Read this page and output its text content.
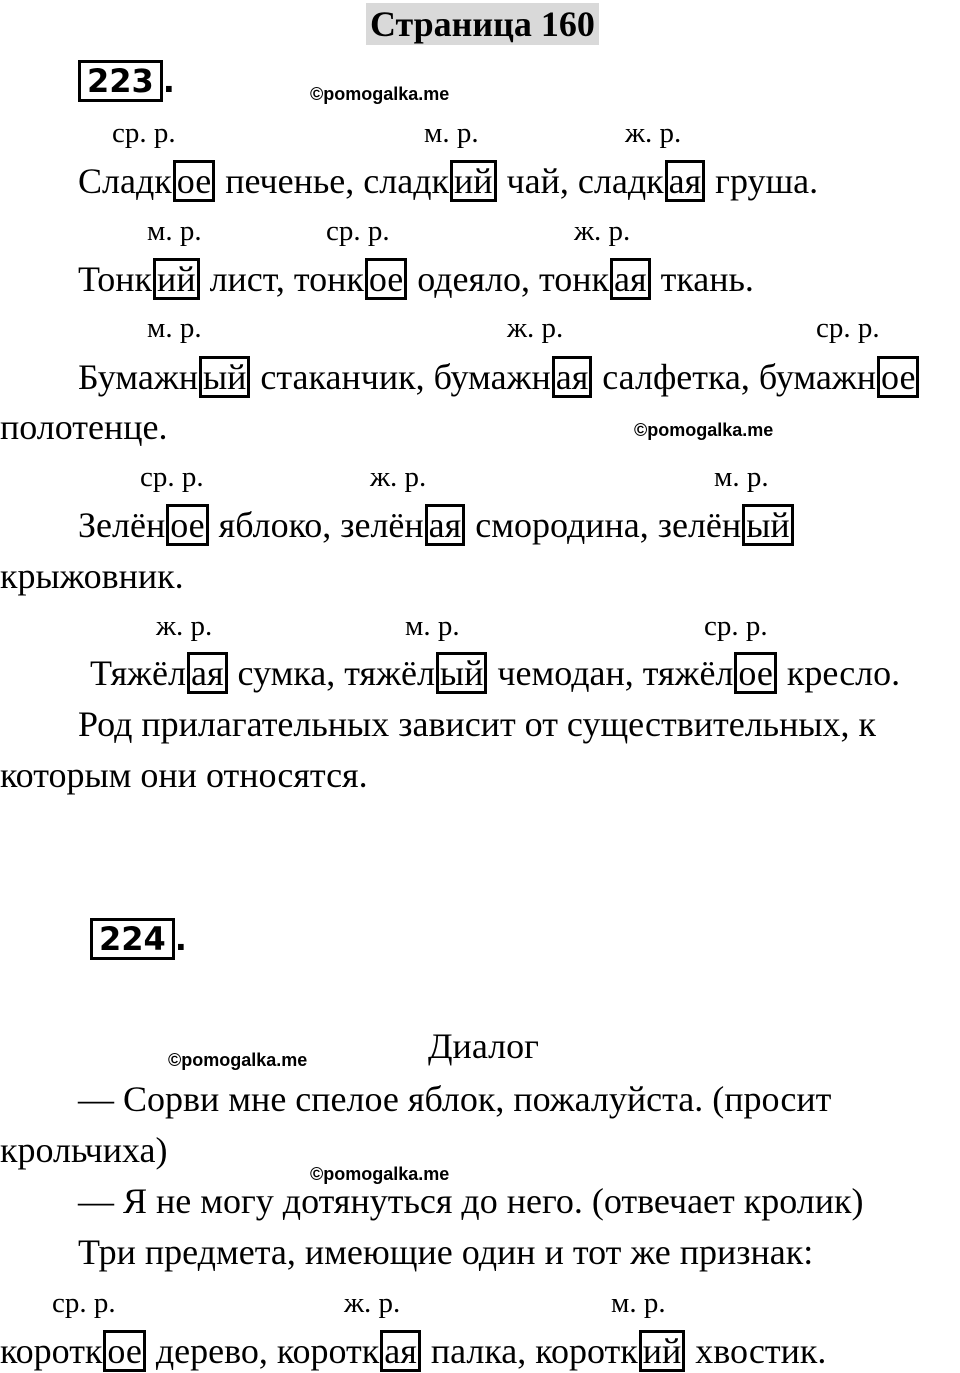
Страница 160
223 .	©pomogalka.me
ср. р.	м. р.	ж. р.
Сладк ое печенье, сладк ий чай, сладк ая груша.
м. р.	ср. р.	ж. р.
Тонк ий лист, тонк ое одеяло, тонк ая ткань.
м. р.	ж. р.	ср. р.
Бумажн ый стаканчик, бумажн ая салфетка, бумажн ое
полотенце.	©pomogalka.me
ср. р.	ж. р.	м. р.
Зелён ое яблоко, зелён ая смородина, зелён ый
крыжовник.
ж. р.	м. р.	ср. р.
Тяжёл ая сумка, тяжёл ый чемодан, тяжёл ое кресло.
Род прилагательных зависит от существительных, к
которым они относятся.
224 .
Диалог
©pomogalka.me
— Сорви мне спелое яблок, пожалуйста. (просит
крольчиха)
©pomogalka.me
— Я не могу дотянуться до него. (отвечает кролик)
Три предмета, имеющие один и тот же признак:
ср. р.	ж. р.	м. р.
коротк ое дерево, коротк ая палка, коротк ий хвостик.
